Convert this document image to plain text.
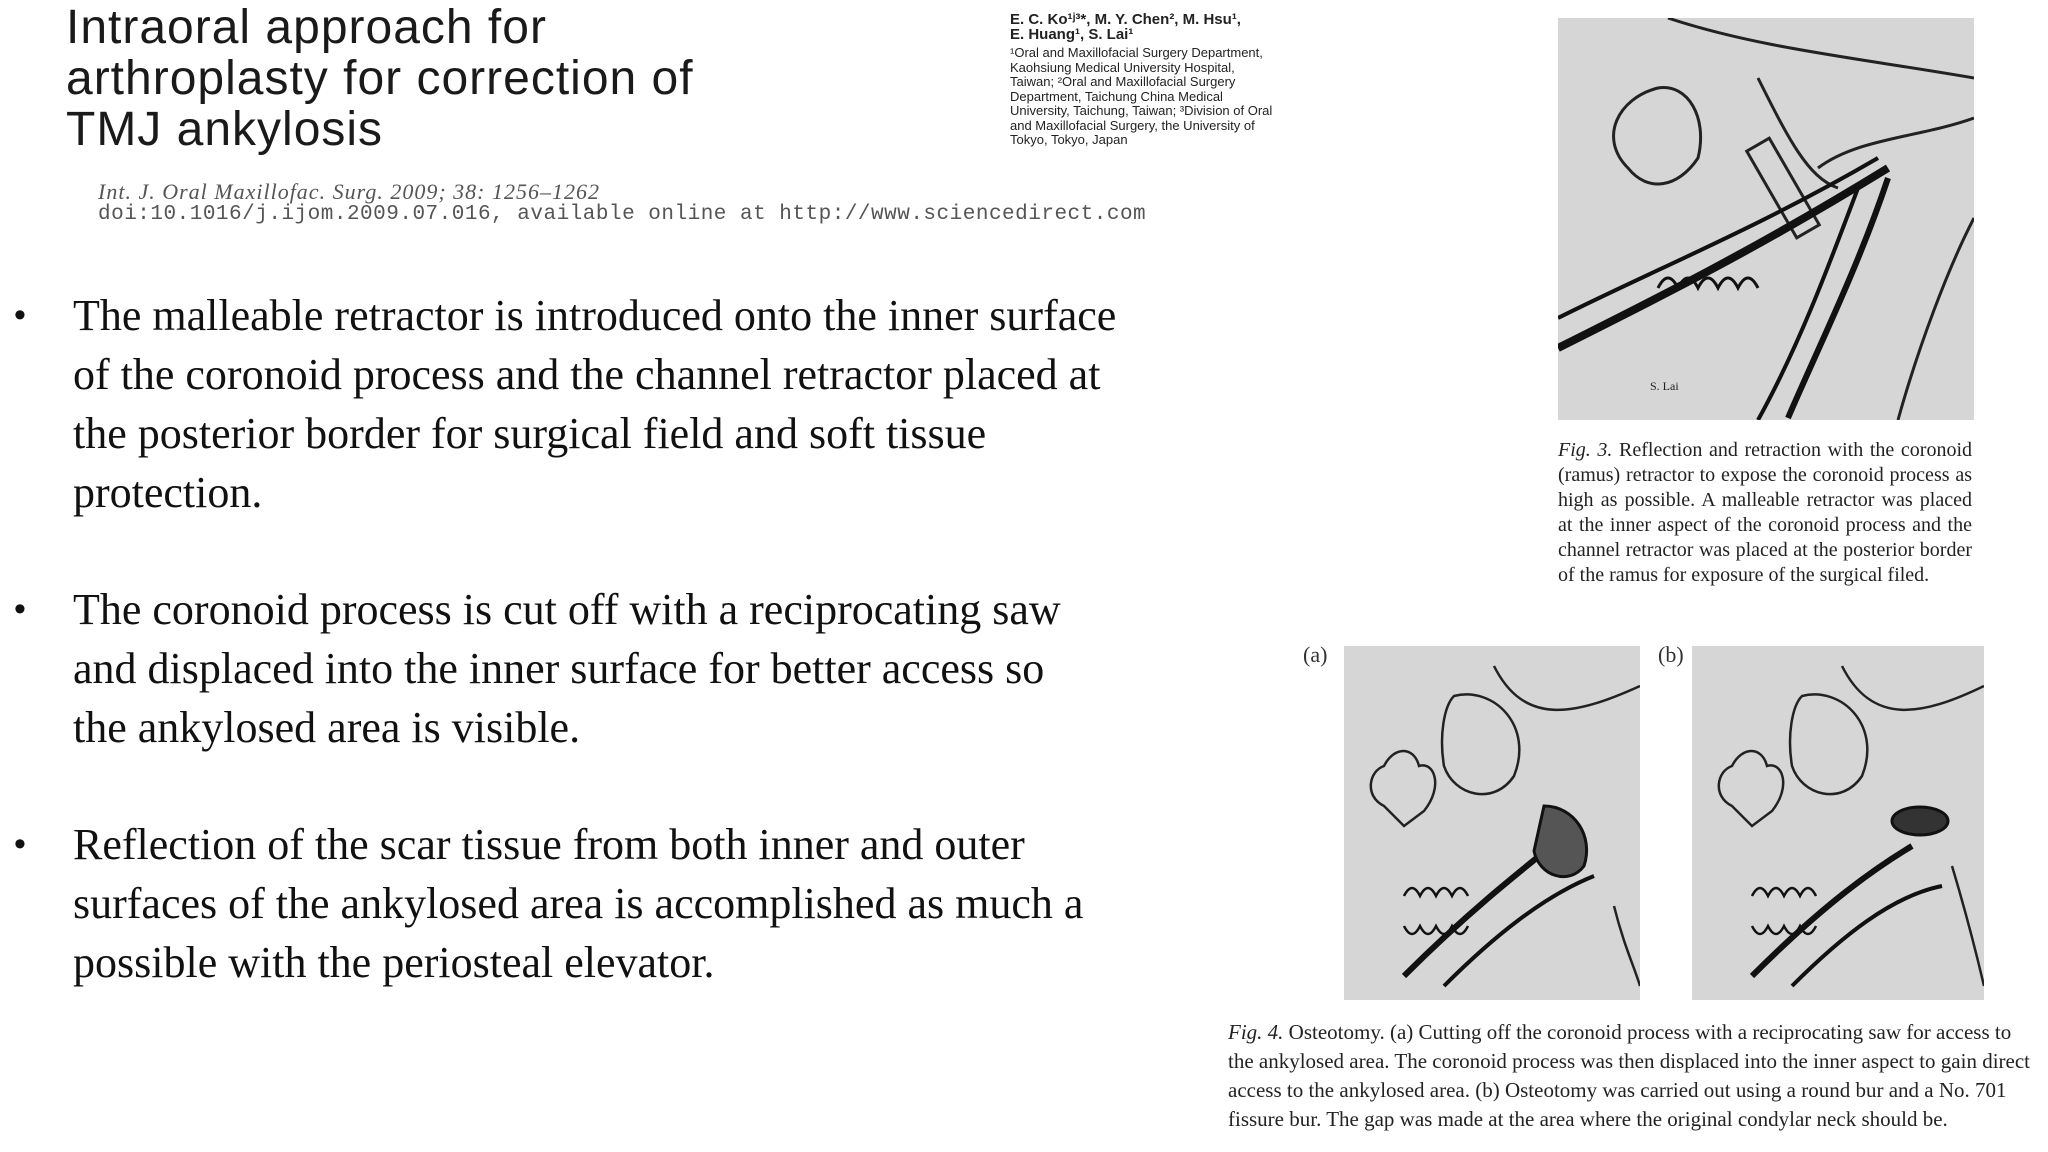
Intraoral approach for
arthroplasty for correction of
TMJ ankylosis
E. C. Ko¹ʲ³*, M. Y. Chen², M. Hsu¹,
E. Huang¹, S. Lai¹
¹Oral and Maxillofacial Surgery Department,
Kaohsiung Medical University Hospital,
Taiwan; ²Oral and Maxillofacial Surgery
Department, Taichung China Medical
University, Taichung, Taiwan; ³Division of Oral
and Maxillofacial Surgery, the University of
Tokyo, Tokyo, Japan
Int. J. Oral Maxillofac. Surg. 2009; 38: 1256–1262
doi:10.1016/j.ijom.2009.07.016, available online at http://www.sciencedirect.com
• The malleable retractor is introduced onto the inner surface
of the coronoid process and the channel retractor placed at
the posterior border for surgical field and soft tissue
protection.
• The coronoid process is cut off with a reciprocating saw
and displaced into the inner surface for better access so
the ankylosed area is visible.
• Reflection of the scar tissue from both inner and outer
surfaces of the ankylosed area is accomplished as much a
possible with the periosteal elevator.
S. Lai
Fig. 3. Reflection and retraction with the coronoid (ramus) retractor to expose the coronoid process as high as possible. A malleable retractor was placed at the inner aspect of the coronoid process and the channel retractor was placed at the posterior border of the ramus for exposure of the surgical filed.
(a)	(b)
Fig. 4. Osteotomy. (a) Cutting off the coronoid process with a reciprocating saw for access to
the ankylosed area. The coronoid process was then displaced into the inner aspect to gain direct
access to the ankylosed area. (b) Osteotomy was carried out using a round bur and a No. 701
fissure bur. The gap was made at the area where the original condylar neck should be.
